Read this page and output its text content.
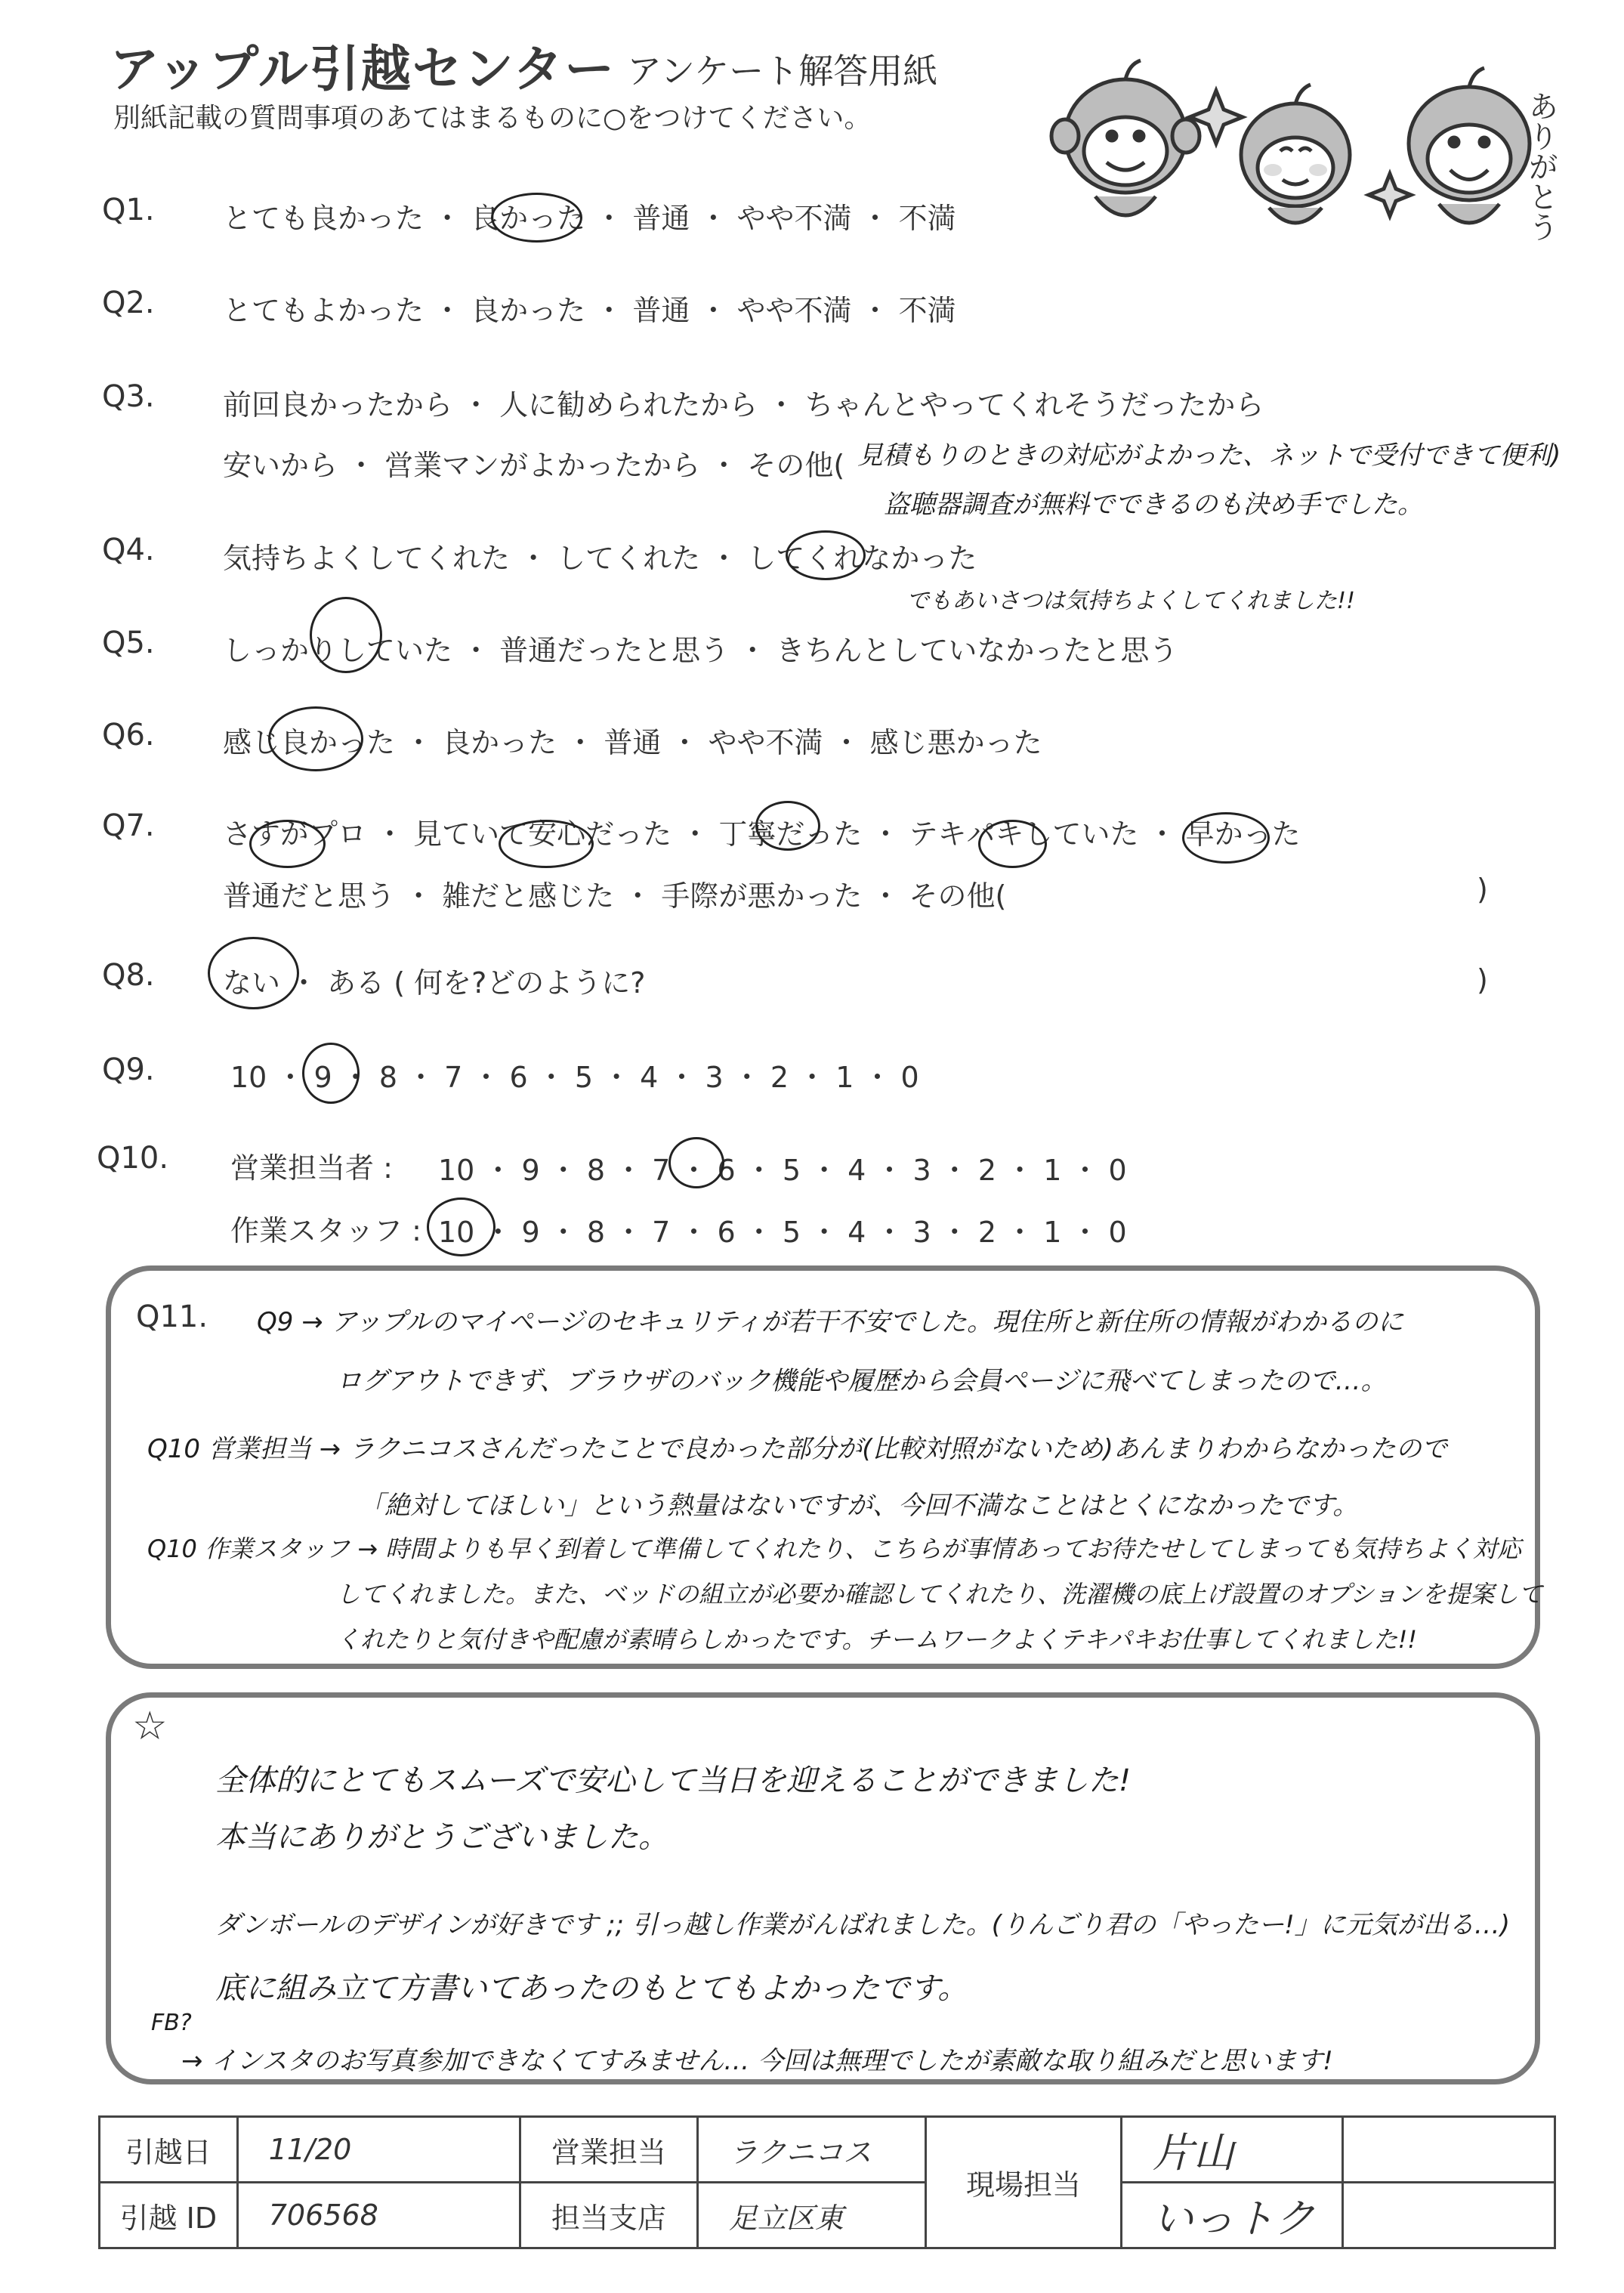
アップル引越センター アンケート解答用紙
別紙記載の質問事項のあてはまるものに○をつけてください。	ありがとう
Q1. とても良かった ・ 良かった ・ 普通 ・ やや不満 ・ 不満
Q2. とてもよかった ・ 良かった ・ 普通 ・ やや不満 ・ 不満
Q3. 前回良かったから ・ 人に勧められたから ・ ちゃんとやってくれそうだったから
安いから ・ 営業マンがよかったから ・ その他( 見積もりのときの対応がよかった、ネットで受付できて便利)
盗聴器調査が無料でできるのも決め手でした。
Q4. 気持ちよくしてくれた ・ してくれた ・ してくれなかった
でもあいさつは気持ちよくしてくれました!!
Q5. しっかりしていた ・ 普通だったと思う ・ きちんとしていなかったと思う
Q6. 感じ良かった ・ 良かった ・ 普通 ・ やや不満 ・ 感じ悪かった
Q7. さすがプロ ・ 見ていて安心だった ・ 丁寧だった ・ テキパキしていた ・ 早かった
普通だと思う ・ 雑だと感じた ・ 手際が悪かった ・ その他(	)
Q8. ない ・ ある ( 何を?どのように?	)
Q9.	10 ・ 9 ・ 8 ・ 7 ・ 6 ・ 5 ・ 4 ・ 3 ・ 2 ・ 1 ・ 0
Q10. 営業担当者 : 10 ・ 9 ・ 8 ・ 7 ・ 6 ・ 5 ・ 4 ・ 3 ・ 2 ・ 1 ・ 0
作業スタッフ : 10 ・ 9 ・ 8 ・ 7 ・ 6 ・ 5 ・ 4 ・ 3 ・ 2 ・ 1 ・ 0
Q11. Q9 → アップルのマイページのセキュリティが若干不安でした。現住所と新住所の情報がわかるのに
ログアウトできず、ブラウザのバック機能や履歴から会員ページに飛べてしまったので…。
Q10 営業担当 → ラクニコスさんだったことで良かった部分が(比較対照がないため)あんまりわからなかったので
「絶対してほしい」という熱量はないですが、今回不満なことはとくになかったです。
Q10 作業スタッフ → 時間よりも早く到着して準備してくれたり、こちらが事情あってお待たせしてしまっても気持ちよく対応
してくれました。また、ベッドの組立が必要か確認してくれたり、洗濯機の底上げ設置のオプションを提案して
くれたりと気付きや配慮が素晴らしかったです。チームワークよくテキパキお仕事してくれました!!
☆
全体的にとてもスムーズで安心して当日を迎えることができました!
本当にありがとうございました。
ダンボールのデザインが好きです ;; 引っ越し作業がんばれました。(りんごり君の「やったー!」に元気が出る…)
底に組み立て方書いてあったのもとてもよかったです。
FB?
→ インスタのお写真参加できなくてすみません… 今回は無理でしたが素敵な取り組みだと思います!
引越日	11/20	営業担当	ラクニコス	現場担当	片山	
引越 ID	706568	担当支店	足立区東		いっトク	
